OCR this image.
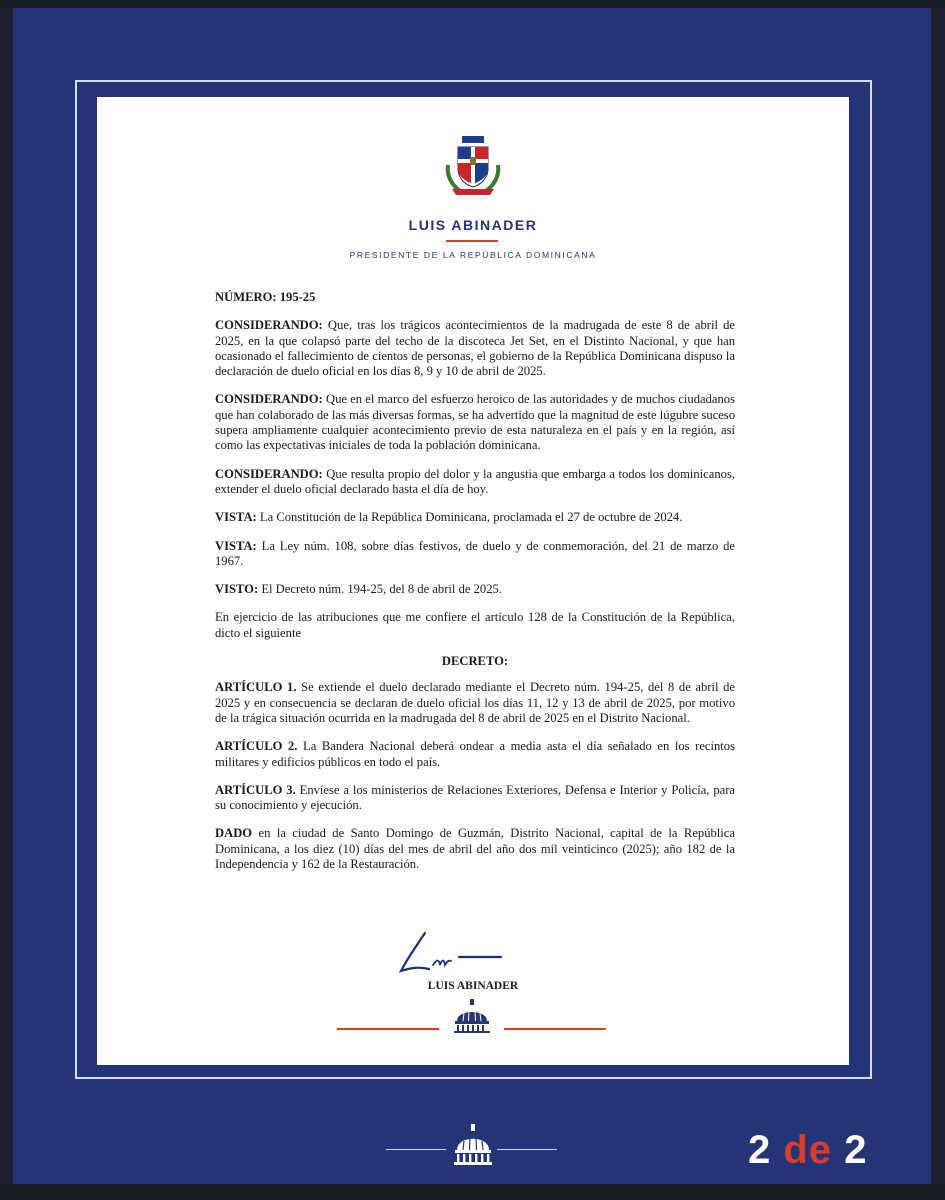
LUIS ABINADER
PRESIDENTE DE LA REPÚBLICA DOMINICANA

NÚMERO: 195-25

CONSIDERANDO: Que, tras los trágicos acontecimientos de la madrugada de este 8 de abril de 2025, en la que colapsó parte del techo de la discoteca Jet Set, en el Distinto Nacional, y que han ocasionado el fallecimiento de cientos de personas, el gobierno de la República Dominicana dispuso la declaración de duelo oficial en los días 8, 9 y 10 de abril de 2025.

CONSIDERANDO: Que en el marco del esfuerzo heroico de las autoridades y de muchos ciudadanos que han colaborado de las más diversas formas, se ha advertido que la magnitud de este lúgubre suceso supera ampliamente cualquier acontecimiento previo de esta naturaleza en el país y en la región, así como las expectativas iniciales de toda la población dominicana.

CONSIDERANDO: Que resulta propio del dolor y la angustia que embarga a todos los dominicanos, extender el duelo oficial declarado hasta el día de hoy.

VISTA: La Constitución de la República Dominicana, proclamada el 27 de octubre de 2024.

VISTA: La Ley núm. 108, sobre días festivos, de duelo y de conmemoración, del 21 de marzo de 1967.

VISTO: El Decreto núm. 194-25, del 8 de abril de 2025.

En ejercicio de las atribuciones que me confiere el artículo 128 de la Constitución de la República, dicto el siguiente

DECRETO:

ARTÍCULO 1. Se extiende el duelo declarado mediante el Decreto núm. 194-25, del 8 de abril de 2025 y en consecuencia se declaran de duelo oficial los días 11, 12 y 13 de abril de 2025, por motivo de la trágica situación ocurrida en la madrugada del 8 de abril de 2025 en el Distrito Nacional.

ARTÍCULO 2. La Bandera Nacional deberá ondear a media asta el día señalado en los recintos militares y edificios públicos en todo el país.

ARTÍCULO 3. Envíese a los ministerios de Relaciones Exteriores, Defensa e Interior y Policía, para su conocimiento y ejecución.

DADO en la ciudad de Santo Domingo de Guzmán, Distrito Nacional, capital de la República Dominicana, a los diez (10) días del mes de abril del año dos mil veinticinco (2025); año 182 de la Independencia y 162 de la Restauración.

LUIS ABINADER
2 de 2
